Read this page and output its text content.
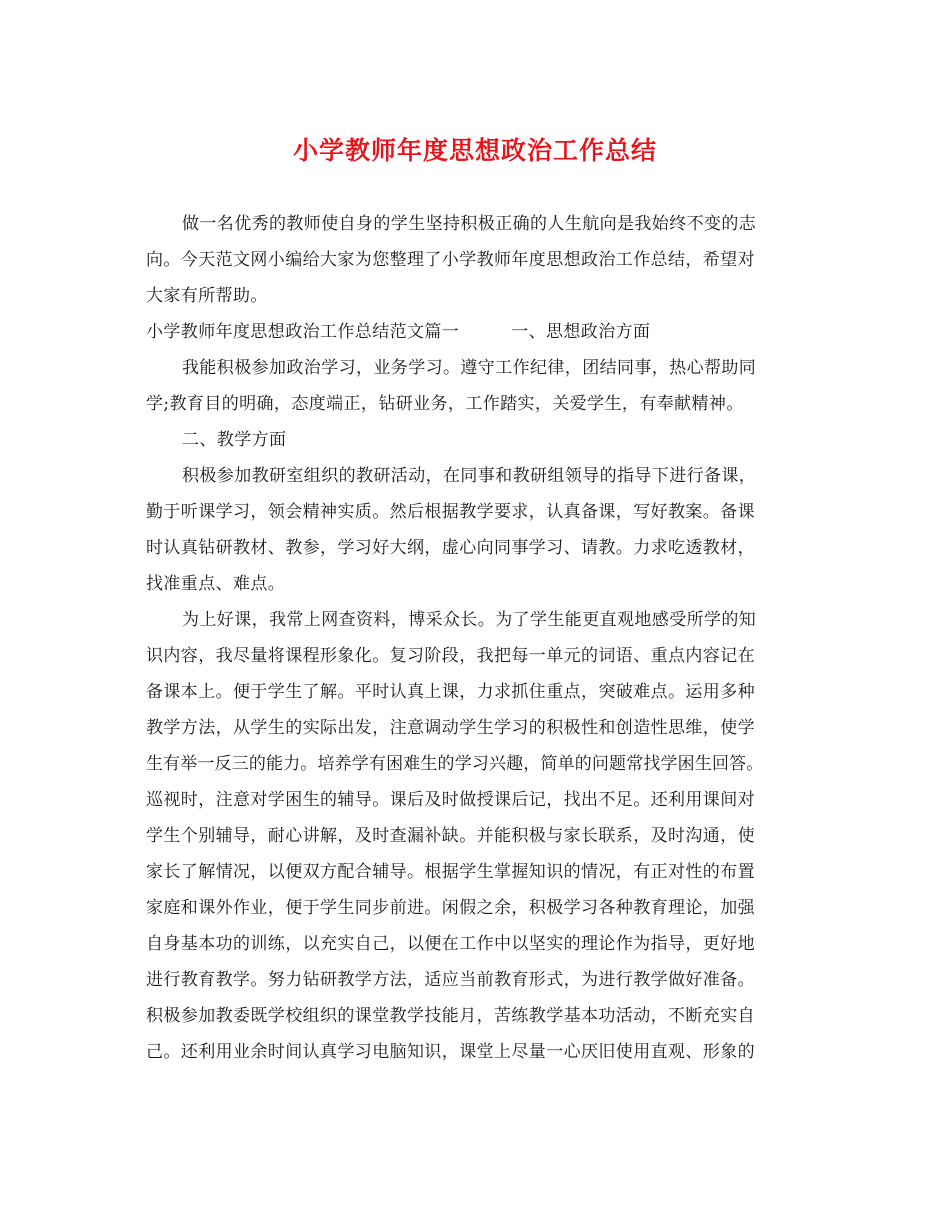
小学教师年度思想政治工作总结
做一名优秀的教师使自身的学生坚持积极正确的人生航向是我始终不变的志
向。今天范文网小编给大家为您整理了小学教师年度思想政治工作总结，希望对
大家有所帮助。
小学教师年度思想政治工作总结范文篇一	一、思想政治方面
我能积极参加政治学习，业务学习。遵守工作纪律，团结同事，热心帮助同
学;教育目的明确，态度端正，钻研业务，工作踏实，关爱学生，有奉献精神。
二、教学方面
积极参加教研室组织的教研活动，在同事和教研组领导的指导下进行备课，
勤于听课学习，领会精神实质。然后根据教学要求，认真备课，写好教案。备课
时认真钻研教材、教参，学习好大纲，虚心向同事学习、请教。力求吃透教材，
找准重点、难点。
为上好课，我常上网查资料，博采众长。为了学生能更直观地感受所学的知
识内容，我尽量将课程形象化。复习阶段，我把每一单元的词语、重点内容记在
备课本上。便于学生了解。平时认真上课，力求抓住重点，突破难点。运用多种
教学方法，从学生的实际出发，注意调动学生学习的积极性和创造性思维，使学
生有举一反三的能力。培养学有困难生的学习兴趣，简单的问题常找学困生回答。
巡视时，注意对学困生的辅导。课后及时做授课后记，找出不足。还利用课间对
学生个别辅导，耐心讲解，及时查漏补缺。并能积极与家长联系，及时沟通，使
家长了解情况，以便双方配合辅导。根据学生掌握知识的情况，有正对性的布置
家庭和课外作业，便于学生同步前进。闲假之余，积极学习各种教育理论，加强
自身基本功的训练，以充实自己，以便在工作中以坚实的理论作为指导，更好地
进行教育教学。努力钻研教学方法，适应当前教育形式，为进行教学做好准备。
积极参加教委既学校组织的课堂教学技能月，苦练教学基本功活动，不断充实自
己。还利用业余时间认真学习电脑知识，课堂上尽量一心厌旧使用直观、形象的
